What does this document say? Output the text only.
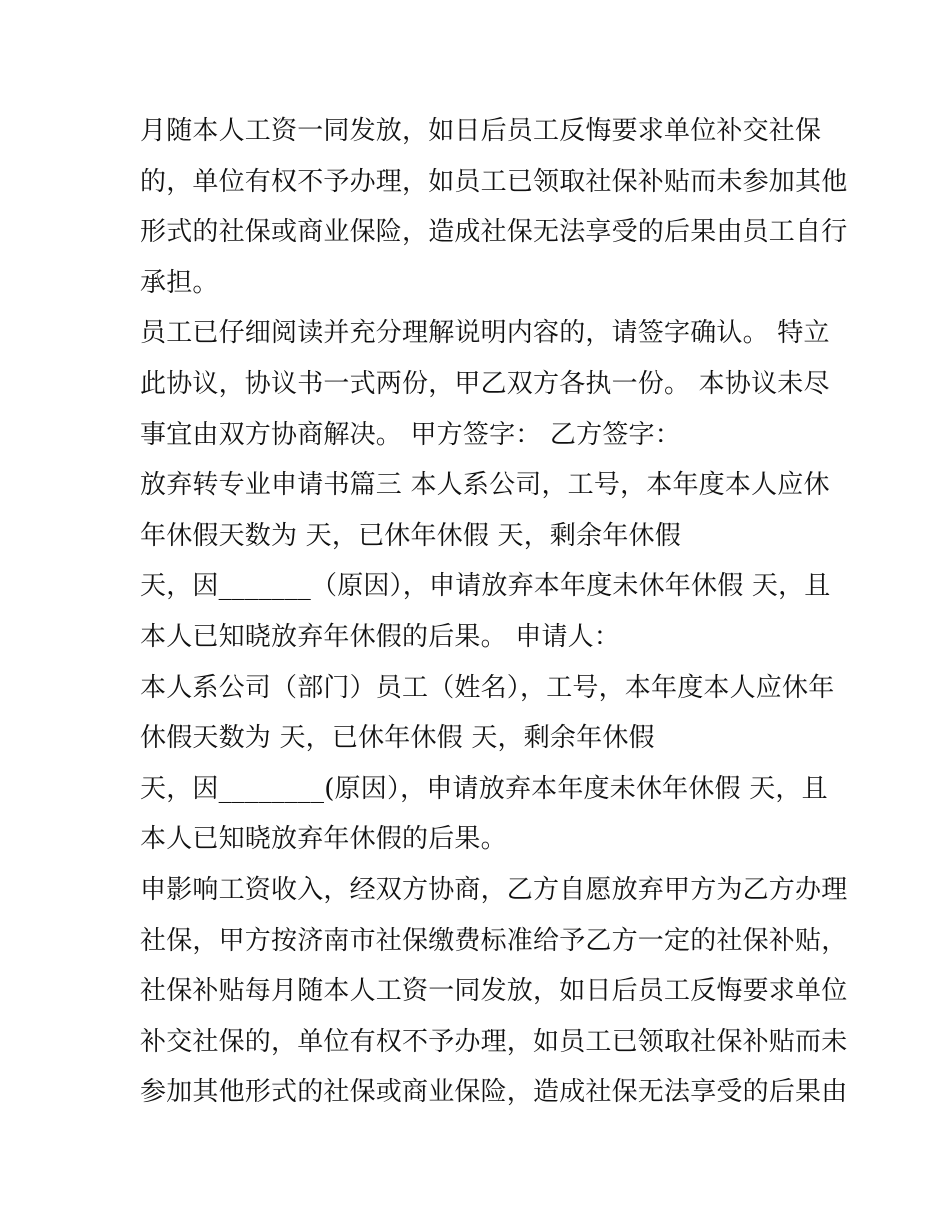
月随本人工资一同发放，如日后员工反悔要求单位补交社保
的，单位有权不予办理，如员工已领取社保补贴而未参加其他
形式的社保或商业保险，造成社保无法享受的后果由员工自行
承担。
员工已仔细阅读并充分理解说明内容的，请签字确认。 特立
此协议，协议书一式两份，甲乙双方各执一份。 本协议未尽
事宜由双方协商解决。 甲方签字： 乙方签字：
放弃转专业申请书篇三 本人系公司，工号，本年度本人应休
年休假天数为 天，已休年休假 天，剩余年休假
天，因_______（原因），申请放弃本年度未休年休假 天，且
本人已知晓放弃年休假的后果。 申请人：
本人系公司（部门）员工（姓名），工号，本年度本人应休年
休假天数为 天，已休年休假 天，剩余年休假
天，因________(原因），申请放弃本年度未休年休假 天，且
本人已知晓放弃年休假的后果。
申影响工资收入，经双方协商，乙方自愿放弃甲方为乙方办理
社保，甲方按济南市社保缴费标准给予乙方一定的社保补贴，
社保补贴每月随本人工资一同发放，如日后员工反悔要求单位
补交社保的，单位有权不予办理，如员工已领取社保补贴而未
参加其他形式的社保或商业保险，造成社保无法享受的后果由
